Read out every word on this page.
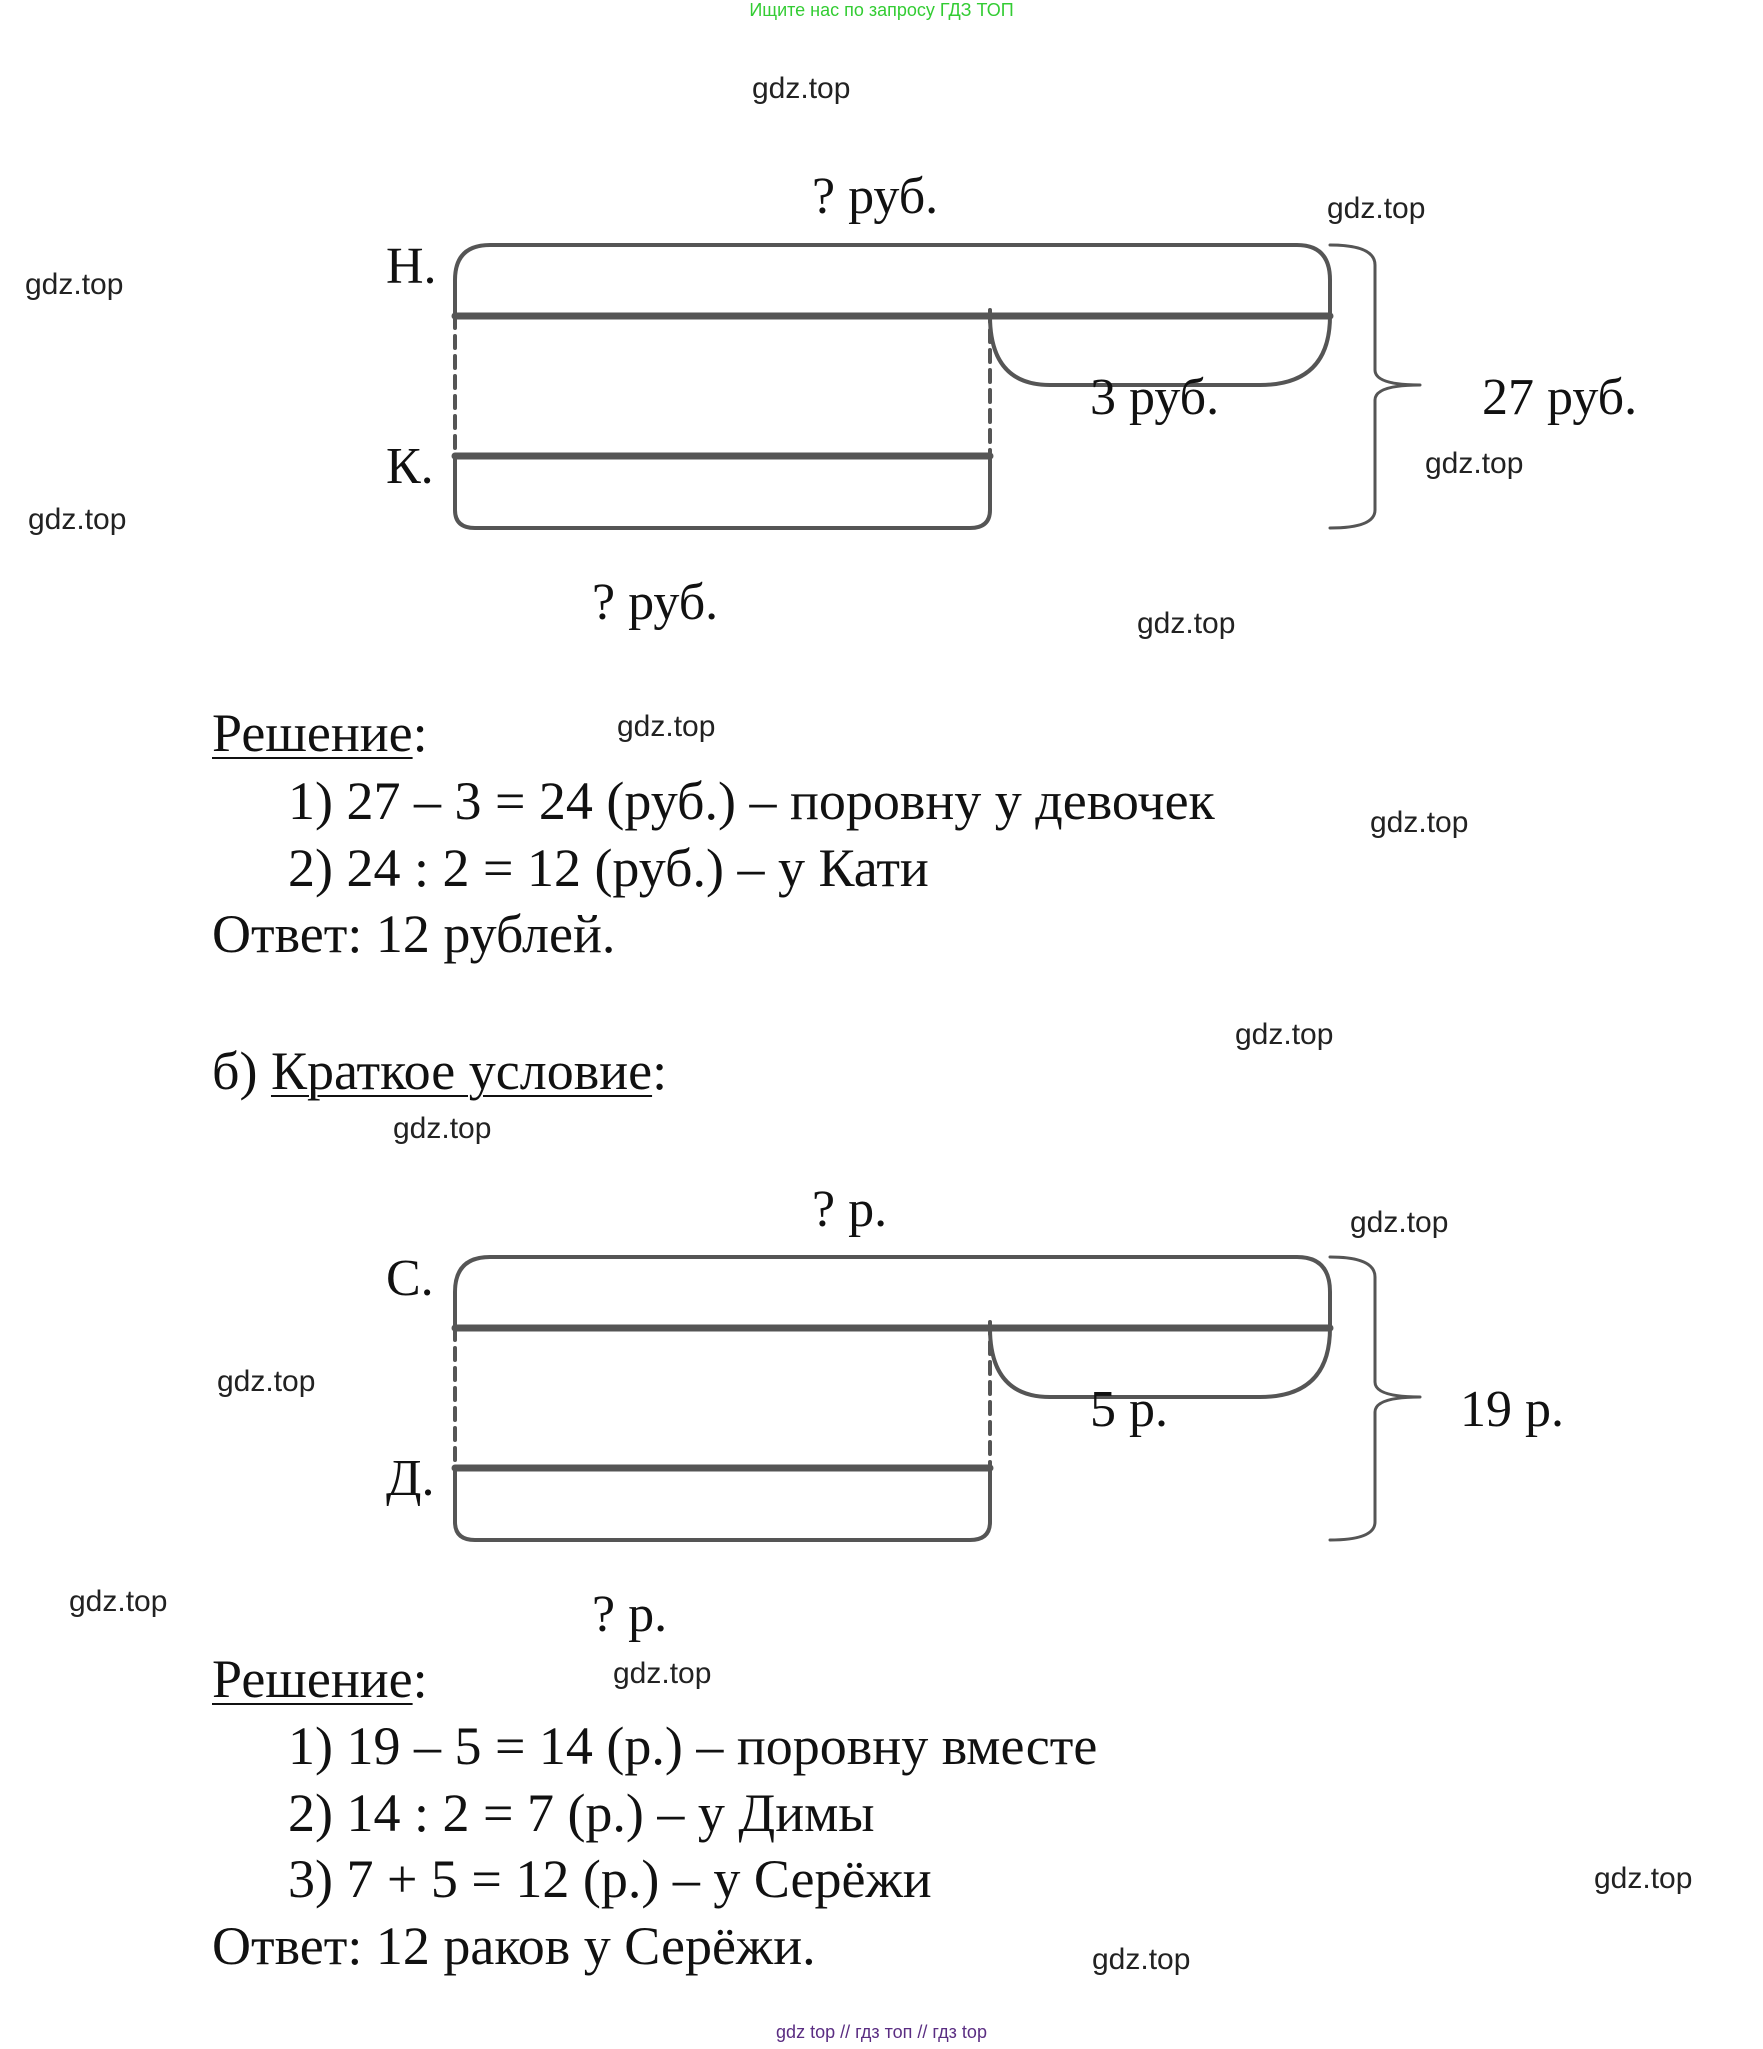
Ищите нас по запросу ГДЗ ТОП
gdz top // гдз топ // гдз top
? руб.
Н.
К.
3 руб.	27 руб.
? руб.
Решение:
1) 27 – 3 = 24 (руб.) – поровну у девочек
2) 24 : 2 = 12 (руб.) – у Кати
Ответ: 12 рублей.
б) Краткое условие:
? р.
С.
Д.
5 р.	19 р.
? р.
Решение:
1) 19 – 5 = 14 (р.) – поровну вместе
2) 14 : 2 = 7 (р.) – у Димы
3) 7 + 5 = 12 (р.) – у Серёжи
Ответ: 12 раков у Серёжи.
gdz.top
gdz.top
gdz.top
gdz.top
gdz.top
gdz.top
gdz.top
gdz.top
gdz.top
gdz.top
gdz.top
gdz.top
gdz.top
gdz.top
gdz.top
gdz.top
